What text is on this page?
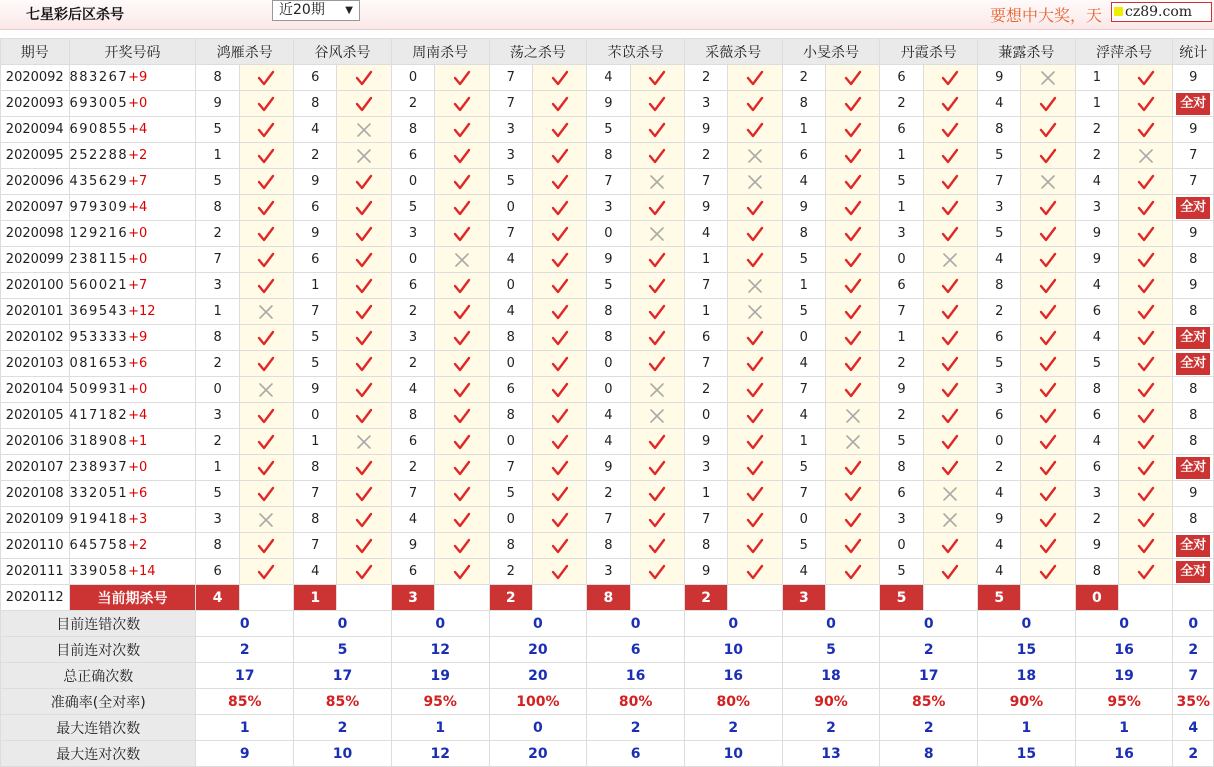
七星彩后区杀号	近20期 ▼	要想中大奖，天	cz89.com
期号	开奖号码	鸿雁杀号		谷风杀号		周南杀号		荡之杀号		芣苡杀号		采薇杀号		小旻杀号		丹霞杀号		蒹露杀号		浮萍杀号		统计
2020092	883267+9	8		6		0		7		4		2		2		6		9		1		9
2020093	693005+0	9		8		2		7		9		3		8		2		4		1		全对
2020094	690855+4	5		4		8		3		5		9		1		6		8		2		9
2020095	252288+2	1		2		6		3		8		2		6		1		5		2		7
2020096	435629+7	5		9		0		5		7		7		4		5		7		4		7
2020097	979309+4	8		6		5		0		3		9		9		1		3		3		全对
2020098	129216+0	2		9		3		7		0		4		8		3		5		9		9
2020099	238115+0	7		6		0		4		9		1		5		0		4		9		8
2020100	560021+7	3		1		6		0		5		7		1		6		8		4		9
2020101	369543+12	1		7		2		4		8		1		5		7		2		6		8
2020102	953333+9	8		5		3		8		8		6		0		1		6		4		全对
2020103	081653+6	2		5		2		0		0		7		4		2		5		5		全对
2020104	509931+0	0		9		4		6		0		2		7		9		3		8		8
2020105	417182+4	3		0		8		8		4		0		4		2		6		6		8
2020106	318908+1	2		1		6		0		4		9		1		5		0		4		8
2020107	238937+0	1		8		2		7		9		3		5		8		2		6		全对
2020108	332051+6	5		7		7		5		2		1		7		6		4		3		9
2020109	919418+3	3		8		4		0		7		7		0		3		9		2		8
2020110	645758+2	8		7		9		8		8		8		5		0		4		9		全对
2020111	339058+14	6		4		6		2		3		9		4		5		4		8		全对
2020112	当前期杀号	4		1		3		2		8		2		3		5		5		0		
目前连错次数		0		0		0		0		0		0		0		0		0		0		0
目前连对次数		2		5		12		20		6		10		5		2		15		16		2
总正确次数		17		17		19		20		16		16		18		17		18		19		7
准确率(全对率)		85%		85%		95%		100%		80%		80%		90%		85%		90%		95%		35%
最大连错次数		1		2		1		0		2		2		2		2		1		1		4
最大连对次数		9		10		12		20		6		10		13		8		15		16		2
